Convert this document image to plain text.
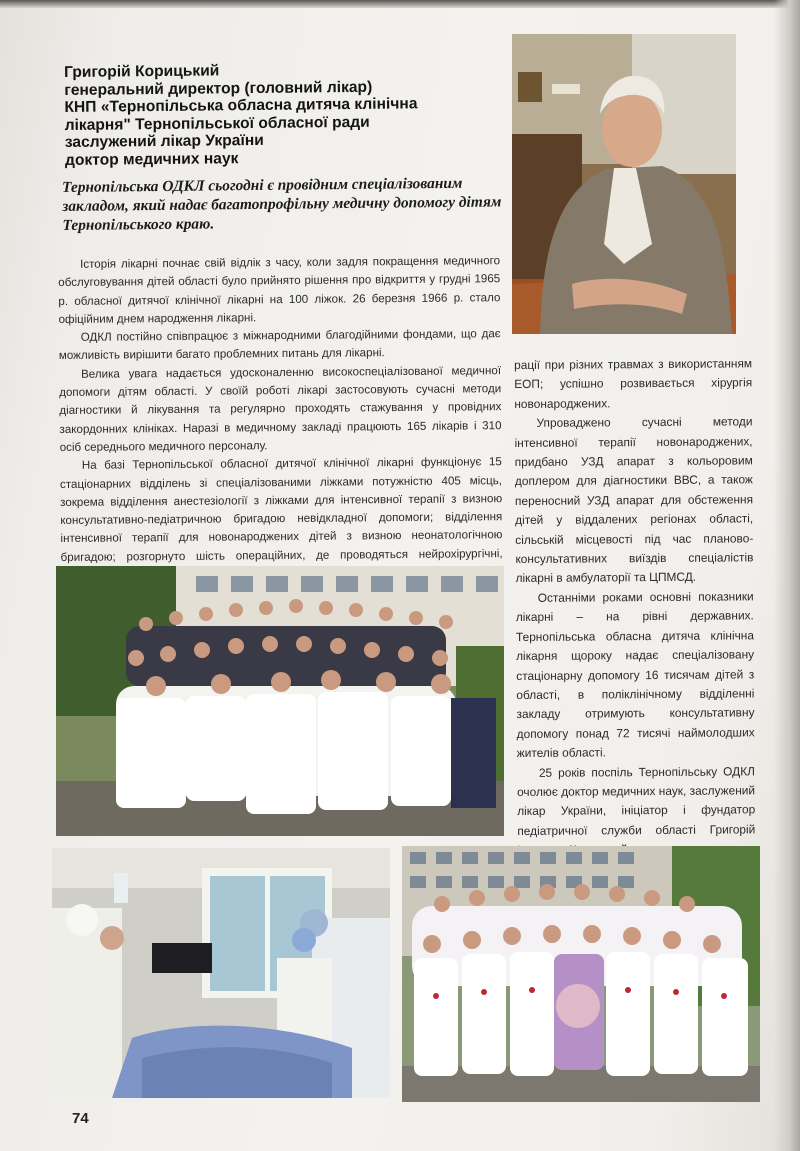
Григорій Корицький
генеральний директор (головний лікар)
КНП «Тернопільська обласна дитяча клінічна
лікарня" Тернопільської обласної ради
заслужений лікар України
доктор медичних наук
Тернопільська ОДКЛ сьогодні є провідним спеціалізованим закладом, який надає багатопрофільну медичну допомогу дітям Тернопільського краю.

Історія лікарні почнає свій відлік з часу, коли задля покращення медичного обслуговування дітей області було прийнято рішення про відкриття у грудні 1965 р. обласної дитячої клінічної лікарні на 100 ліжок. 26 березня 1966 р. стало офіційним днем народження лікарні.

ОДКЛ постійно співпрацює з міжнародними благодійними фондами, що дає можливість вирішити багато проблемних питань для лікарні.

Велика увага надається удосконаленню високоспеціалізованої медичної допомоги дітям області. У своїй роботі лікарі застосовують сучасні методи діагностики й лікування та регулярно проходять стажування у провідних закордонних клініках. Наразі в медичному закладі працюють 165 лікарів і 310 осіб середнього медичного персоналу.

На базі Тернопільської обласної дитячої клінічної лікарні функціонує 15 стаціонарних відділень зі спеціалізованими ліжками потужністю 405 місць, зокрема відділення анестезіології з ліжками для інтенсивної терапії з визною консультативно-педіатричною бригадою невідкладної допомоги; відділення інтенсивної терапії для новонароджених дітей з визною неонатологічною бригадою; розгорнуто шість операційних, де проводяться нейрохірургічні,

рації при різних травмах з використанням ЕОП; успішно розвивається хірургія новонароджених.

Упроваджено сучасні методи інтенсивної терапії новонароджених, придбано УЗД апарат з кольоровим доплером для діагностики ВВС, а також переносний УЗД апарат для обстеження дітей у віддалених регіонах області, сільській місцевості під час планово-консультативних виїздів спеціалістів лікарні в амбулаторії та ЦПМСД.

Останніми роками основні показники лікарні – на рівні державних. Тернопільська обласна дитяча клінічна лікарня щороку надає спеціалізовану стаціонарну допомогу 16 тисячам дітей з області, в поліклінічному відділенні закладу отримують консультативну допомогу понад 72 тисячі наймолодших жителів області.

25 років поспіль Тернопільську ОДКЛ очолює доктор медичних наук, заслужений лікар України, ініціатор і фундатор педіатричної служби області Григорій

74
